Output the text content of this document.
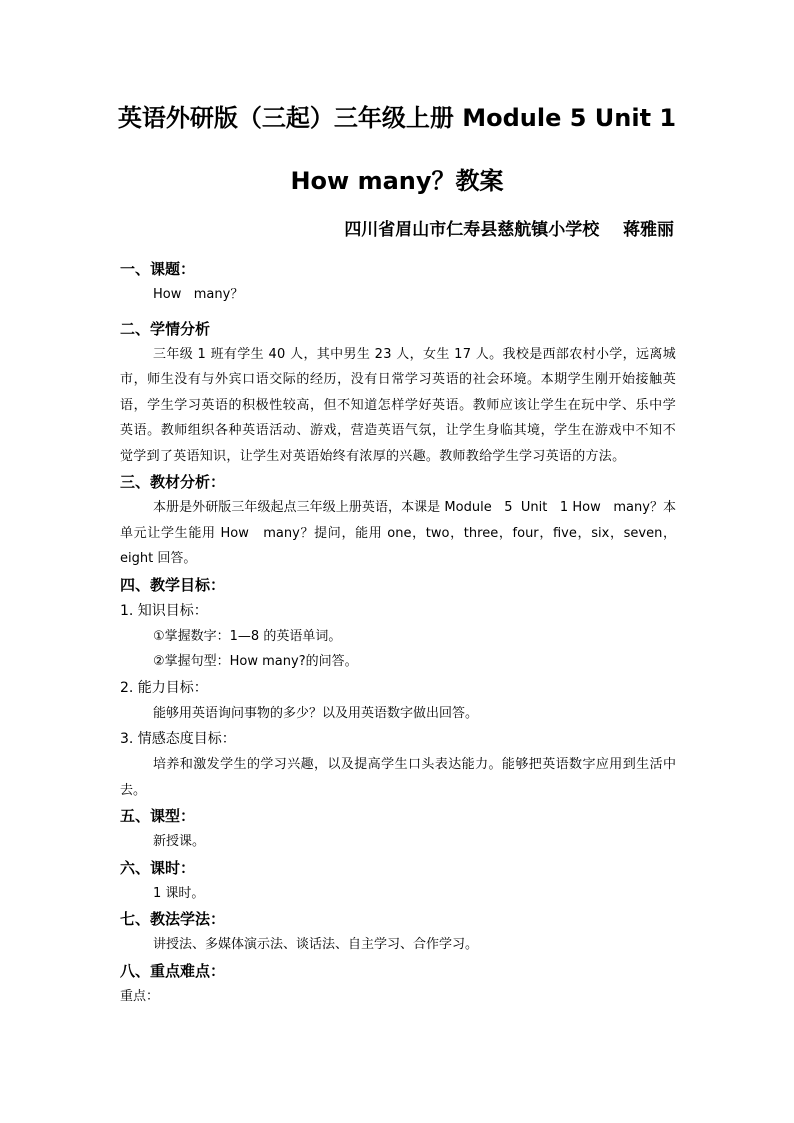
英语外研版（三起）三年级上册 Module 5 Unit 1
How many？教案
四川省眉山市仁寿县慈航镇小学校    蒋雅丽
一、课题：
How   many？
二、学情分析

三年级 1 班有学生 40 人，其中男生 23 人，女生 17 人。我校是西部农村小学，远离城市，师生没有与外宾口语交际的经历，没有日常学习英语的社会环境。本期学生刚开始接触英语，学生学习英语的积极性较高，但不知道怎样学好英语。教师应该让学生在玩中学、乐中学英语。教师组织各种英语活动、游戏，营造英语气氛，让学生身临其境，学生在游戏中不知不觉学到了英语知识，让学生对英语始终有浓厚的兴趣。教师教给学生学习英语的方法。

三、教材分析：

本册是外研版三年级起点三年级上册英语，本课是 Module   5  Unit   1 How   many？本单元让学生能用 How   many？提问，能用 one，two，three，four，five，six，seven，eight 回答。

四、教学目标：
1. 知识目标：
①掌握数字：1—8 的英语单词。
②掌握句型：How many?的问答。
2. 能力目标：
能够用英语询问事物的多少？以及用英语数字做出回答。
3. 情感态度目标：

培养和激发学生的学习兴趣，以及提高学生口头表达能力。能够把英语数字应用到生活中去。

五、课型：
新授课。
六、课时：
1 课时。
七、教法学法：
讲授法、多媒体演示法、谈话法、自主学习、合作学习。
八、重点难点：
重点：
